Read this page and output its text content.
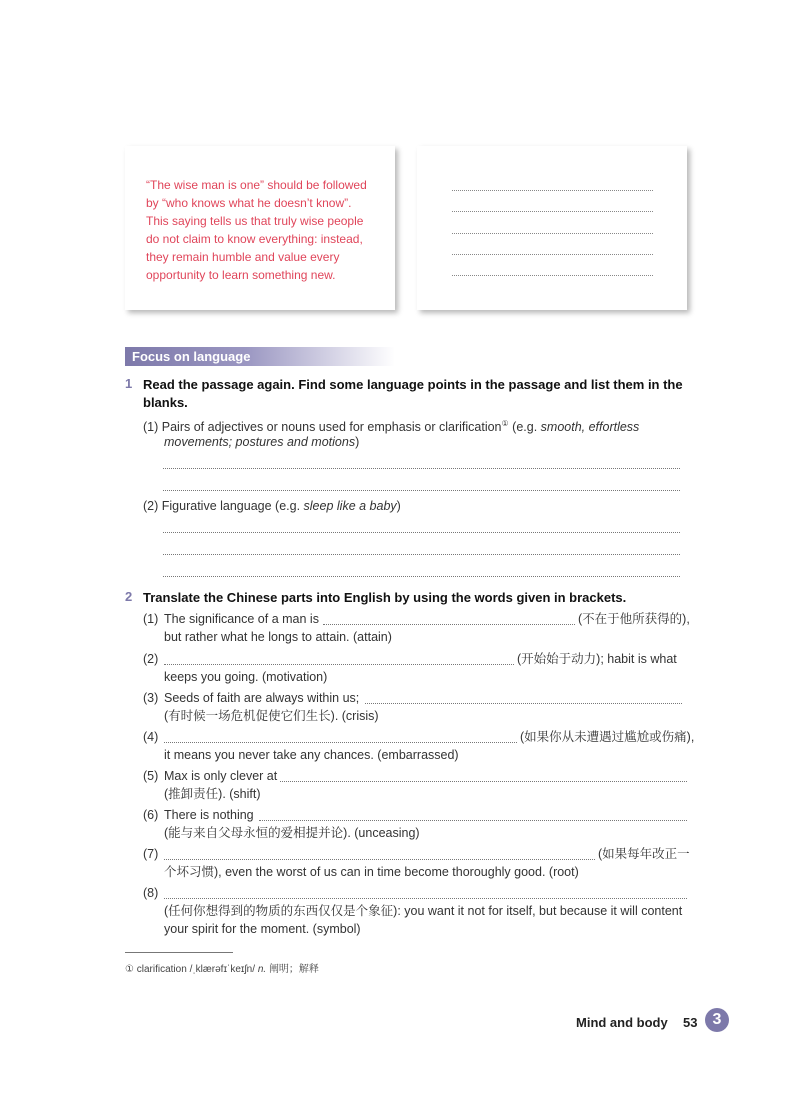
“The wise man is one” should be followed
by “who knows what he doesn’t know”.
This saying tells us that truly wise people
do not claim to know everything: instead,
they remain humble and value every
opportunity to learn something new.
Focus on language
1 Read the passage again. Find some language points in the passage and list them in the
blanks.
(1) Pairs of adjectives or nouns used for emphasis or clarification① (e.g. smooth, effortless
movements; postures and motions)
(2) Figurative language (e.g. sleep like a baby)
2 Translate the Chinese parts into English by using the words given in brackets.
(1) The significance of a man is	(不在于他所获得的),
but rather what he longs to attain. (attain)
(2)	(开始始于动力); habit is what
keeps you going. (motivation)
(3) Seeds of faith are always within us;
(有时候一场危机促使它们生长). (crisis)
(4)	(如果你从未遭遇过尴尬或伤痛),
it means you never take any chances. (embarrassed)
(5) Max is only clever at
(推卸责任). (shift)
(6) There is nothing
(能与来自父母永恒的爱相提并论). (unceasing)
(7)	(如果每年改正一
个坏习惯), even the worst of us can in time become thoroughly good. (root)
(8)
(任何你想得到的物质的东西仅仅是个象征): you want it not for itself, but because it will content
your spirit for the moment. (symbol)
① clarification /ˌklærəfɪˈkeɪʃn/ n. 阐明；解释
Mind and body 53 3
